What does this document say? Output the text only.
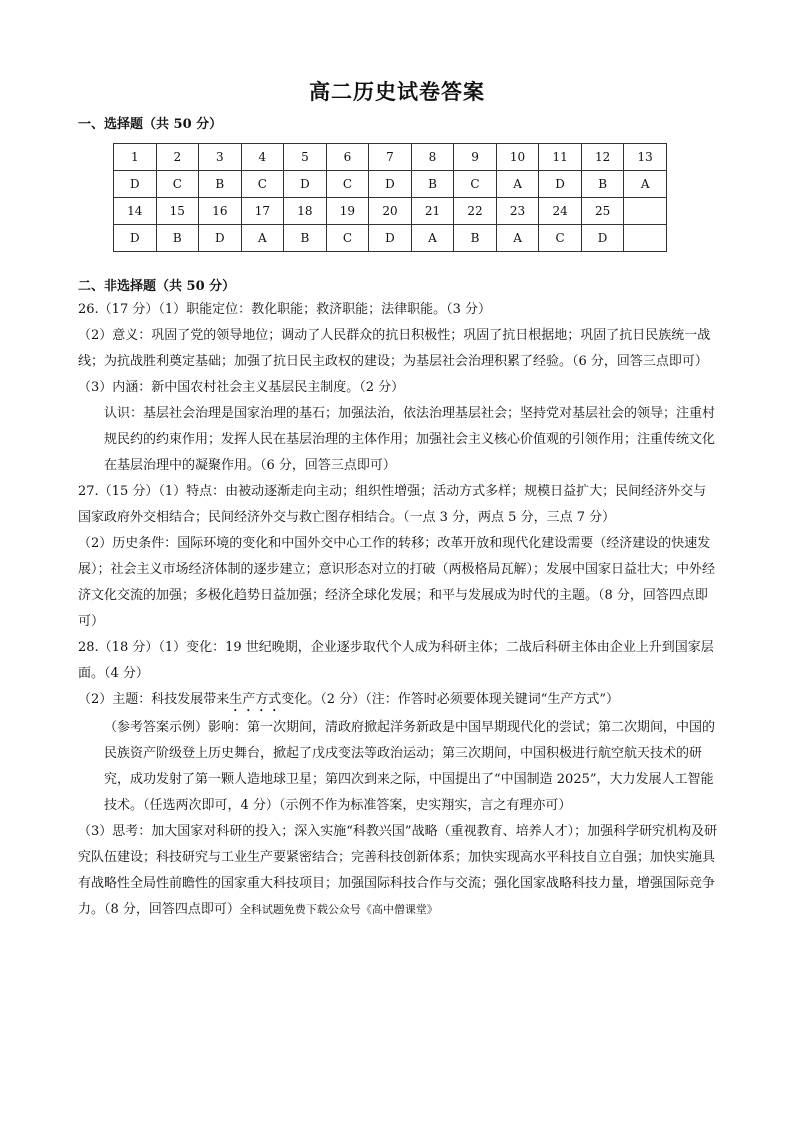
高二历史试卷答案
一、选择题（共 50 分）
1	2	3	4	5	6	7	8	9	10	11	12	13
D	C	B	C	D	C	D	B	C	A	D	B	A
14	15	16	17	18	19	20	21	22	23	24	25	
D	B	D	A	B	C	D	A	B	A	C	D	
二、非选择题（共 50 分）

26.（17 分）（1）职能定位：教化职能；救济职能；法律职能。（3 分）

（2）意义：巩固了党的领导地位；调动了人民群众的抗日积极性；巩固了抗日根据地；巩固了抗日民族统一战线；为抗战胜利奠定基础；加强了抗日民主政权的建设；为基层社会治理积累了经验。（6 分，回答三点即可）

（3）内涵：新中国农村社会主义基层民主制度。（2 分）

认识：基层社会治理是国家治理的基石；加强法治，依法治理基层社会；坚持党对基层社会的领导；注重村规民约的约束作用；发挥人民在基层治理的主体作用；加强社会主义核心价值观的引领作用；注重传统文化在基层治理中的凝聚作用。（6 分，回答三点即可）

27.（15 分）（1）特点：由被动逐渐走向主动；组织性增强；活动方式多样；规模日益扩大；民间经济外交与国家政府外交相结合；民间经济外交与救亡图存相结合。（一点 3 分，两点 5 分，三点 7 分）

（2）历史条件：国际环境的变化和中国外交中心工作的转移；改革开放和现代化建设需要（经济建设的快速发展）；社会主义市场经济体制的逐步建立；意识形态对立的打破（两极格局瓦解）；发展中国家日益壮大；中外经济文化交流的加强；多极化趋势日益加强；经济全球化发展；和平与发展成为时代的主题。（8 分，回答四点即可）

28.（18 分）（1）变化：19 世纪晚期，企业逐步取代个人成为科研主体；二战后科研主体由企业上升到国家层面。（4 分）

（2）主题：科技发展带来生产方式变化。（2 分）（注：作答时必须要体现关键词“生产方式”）

（参考答案示例）影响：第一次期间，清政府掀起洋务新政是中国早期现代化的尝试；第二次期间，中国的民族资产阶级登上历史舞台，掀起了戊戌变法等政治运动；第三次期间，中国积极进行航空航天技术的研究，成功发射了第一颗人造地球卫星；第四次到来之际，中国提出了“中国制造 2025”，大力发展人工智能技术。（任选两次即可，4 分）（示例不作为标准答案，史实翔实，言之有理亦可）

（3）思考：加大国家对科研的投入；深入实施“科教兴国”战略（重视教育、培养人才）；加强科学研究机构及研究队伍建设；科技研究与工业生产要紧密结合；完善科技创新体系；加快实现高水平科技自立自强；加快实施具有战略性全局性前瞻性的国家重大科技项目；加强国际科技合作与交流；强化国家战略科技力量，增强国际竞争力。（8 分，回答四点即可）全科试题免费下载公众号《高中僧课堂》
